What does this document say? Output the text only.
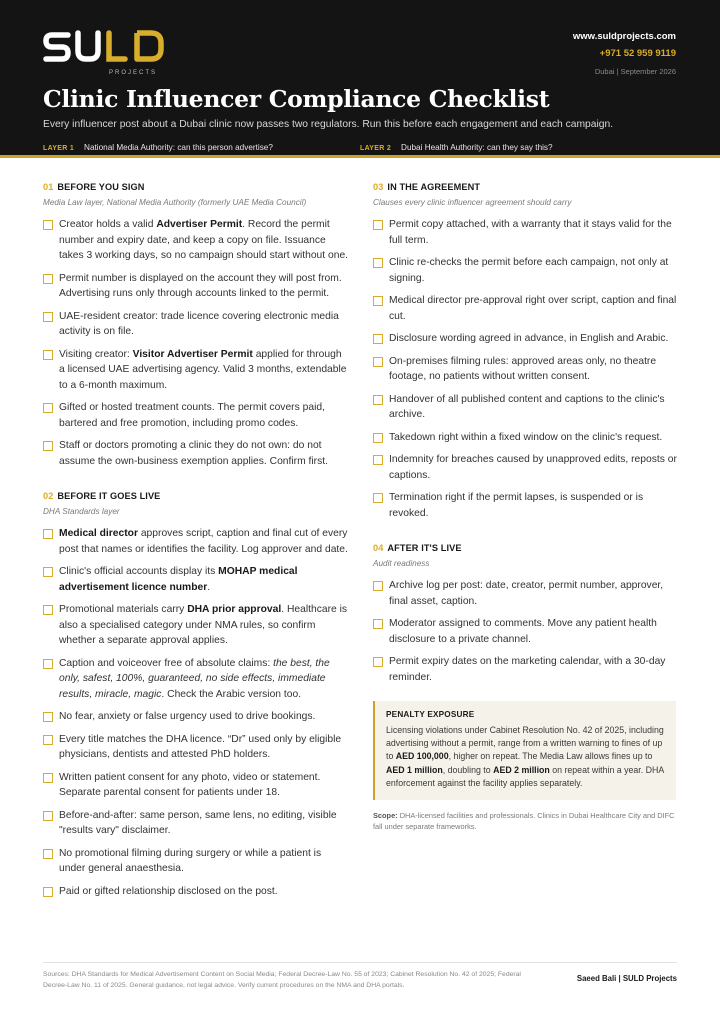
PROJECTS
www.suldprojects.com
+971 52 959 9119
Dubai | September 2026
Clinic Influencer Compliance Checklist
Every influencer post about a Dubai clinic now passes two regulators. Run this before each engagement and each campaign.
LAYER 1 National Media Authority: can this person advertise?	LAYER 2 Dubai Health Authority: can they say this?
01 BEFORE YOU SIGN
Media Law layer, National Media Authority (formerly UAE Media Council)
Creator holds a valid Advertiser Permit. Record the permit number and expiry date, and keep a copy on file. Issuance takes 3 working days, so no campaign should start without one.
Permit number is displayed on the account they will post from. Advertising runs only through accounts linked to the permit.
UAE-resident creator: trade licence covering electronic media activity is on file.
Visiting creator: Visitor Advertiser Permit applied for through a licensed UAE advertising agency. Valid 3 months, extendable to a 6-month maximum.
Gifted or hosted treatment counts. The permit covers paid, bartered and free promotion, including promo codes.
Staff or doctors promoting a clinic they do not own: do not assume the own-business exemption applies. Confirm first.
02 BEFORE IT GOES LIVE
DHA Standards layer
Medical director approves script, caption and final cut of every post that names or identifies the facility. Log approver and date.
Clinic's official accounts display its MOHAP medical advertisement licence number.
Promotional materials carry DHA prior approval. Healthcare is also a specialised category under NMA rules, so confirm whether a separate approval applies.
Caption and voiceover free of absolute claims: the best, the only, safest, 100%, guaranteed, no side effects, immediate results, miracle, magic. Check the Arabic version too.
No fear, anxiety or false urgency used to drive bookings.
Every title matches the DHA licence. “Dr” used only by eligible physicians, dentists and attested PhD holders.
Written patient consent for any photo, video or statement. Separate parental consent for patients under 18.
Before-and-after: same person, same lens, no editing, visible "results vary" disclaimer.
No promotional filming during surgery or while a patient is under general anaesthesia.
Paid or gifted relationship disclosed on the post.
03 IN THE AGREEMENT
Clauses every clinic influencer agreement should carry
Permit copy attached, with a warranty that it stays valid for the full term.
Clinic re-checks the permit before each campaign, not only at signing.
Medical director pre-approval right over script, caption and final cut.
Disclosure wording agreed in advance, in English and Arabic.
On-premises filming rules: approved areas only, no theatre footage, no patients without written consent.
Handover of all published content and captions to the clinic's archive.
Takedown right within a fixed window on the clinic's request.
Indemnity for breaches caused by unapproved edits, reposts or captions.
Termination right if the permit lapses, is suspended or is revoked.
04 AFTER IT'S LIVE
Audit readiness
Archive log per post: date, creator, permit number, approver, final asset, caption.
Moderator assigned to comments. Move any patient health disclosure to a private channel.
Permit expiry dates on the marketing calendar, with a 30-day reminder.
PENALTY EXPOSURE
Licensing violations under Cabinet Resolution No. 42 of 2025, including advertising without a permit, range from a written warning to fines of up to AED 100,000, higher on repeat. The Media Law allows fines up to AED 1 million, doubling to AED 2 million on repeat within a year. DHA enforcement against the facility applies separately.
Scope: DHA-licensed facilities and professionals. Clinics in Dubai Healthcare City and DIFC fall under separate frameworks.
Sources: DHA Standards for Medical Advertisement Content on Social Media; Federal Decree-Law No. 55 of 2023; Cabinet Resolution No. 42 of 2025; Federal Decree-Law No. 11 of 2025. General guidance, not legal advice. Verify current procedures on the NMA and DHA portals.
Saeed Bali | SULD Projects
